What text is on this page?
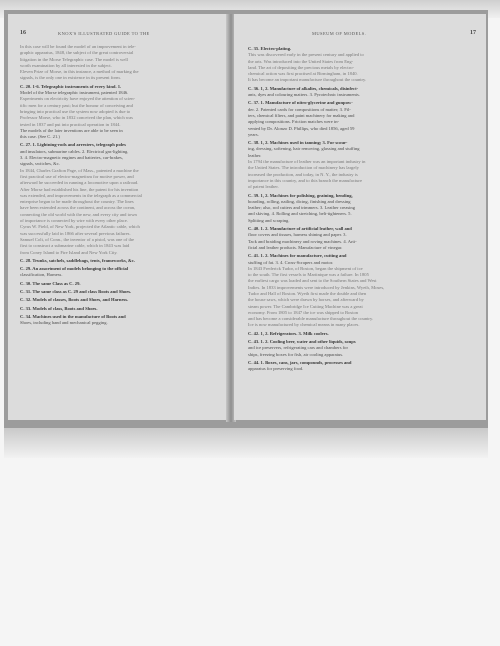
16	KNOX'S ILLUSTRATED GUIDE TO THE
In this case will be found the model of an improvement in tele-
graphic apparatus, 1848, the subject of the great controversial
litigation in the Morse Telegraphic case. The model is well
worth examination by all interested in the subject.
Eleven Prize of Morse, in this instance, a method of marking the
signals, is the only one in existence in its present form.
C. 20. 1-6. Telegraphic instruments of every kind. 1.
Model of the Morse telegraphic instrument, patented 1846.
Experiments on electricity have enjoyed the attention of scien-
tific men for a century past; but the honour of conceiving and
bringing into practical use the system now adopted is due to
Professor Morse, who in 1832 conceived the plan, which was
tested in 1837 and put into practical operation in 1844.
The models of the later inventions are able to be seen in
this case. (See C. 21.)
C. 27. 1. Lightning-rods and arresters, telegraph poles
and insulators, submarine cables. 2. Electrical gas-lighting.
3. 4. Electro-magnetic engines and batteries, car-brakes,
signals, switches, &c.
In 1844, Charles Grafton Page, of Mass., patented a machine the
first practical use of electro-magnetism for motive power, and
afterward he succeeded in running a locomotive upon a railroad.
After Morse had established his line, the patent for his invention
was extended, and improvements in the telegraph as a commercial
enterprise began to be made throughout the country. The lines
have been extended across the continent, and across the ocean,
connecting the old world with the new, and every city and town
of importance is connected by wire with every other place.
Cyrus W. Field, of New York, projected the Atlantic cable, which
was successfully laid in 1866 after several previous failures.
Samuel Colt, of Conn., the inventor of a pistol, was one of the
first to construct a submarine cable, which in 1843 was laid
from Coney Island to Fire Island and New York City.
C. 28. Trunks, satchels, saddlebags, tents, frameworks, &c.
C. 29. An assortment of models belonging to the official
classification, Harness.
C. 30. The same Class as C. 29.
C. 31. The same class as C. 29 and class Boots and Shoes.
C. 32. Models of classes, Boots and Shoes, and Harness.
C. 33. Models of class, Boots and Shoes.
C. 34. Machines used in the manufacture of Boots and
Shoes, including hand and mechanical pegging.
17
MUSEUM OF MODELS.
C. 35. Electro-plating.
This was discovered early in the present century and applied to
the arts. Was introduced into the United States from Eng-
land. The art of depositing the precious metals by electro-
chemical action was first practised at Birmingham, in 1840.
It has become an important manufacture throughout the country.
C. 36. 1, 2. Manufacture of alkalies, chemicals, disinfect-
ants, dyes and colouring matters. 3. Pyrotechnic instruments.
C. 37. 1. Manufacture of nitro-glycerine and gunpow-
der. 2. Patented cards for compositions of matter; 3. Fil-
ters, chemical filters, and paint machinery for making and
applying compositions. Friction matches were in-
vented by Dr. Alonzo D. Phillips, who died 1856, aged 59
years.
C. 38. 1, 2. Machines used in tanning; 3. For scour-
ing, dressing, softening, hair removing, glassing and stuffing
leather.
In 1794 the manufacture of leather was an important industry in
the United States. The introduction of machinery has largely
increased the production, and today, in N. Y., the industry is
importance in this country, and to this branch the manufacture
of patent leather.
C. 39. 1, 2. Machines for polishing, graining, bending,
boarding, rolling, nailing, dicing, finishing and dressing
leather; also, rod cutters and trimmers. 3. Leather creasing
and skiving. 4. Rolling and stretching, belt-tighteners. 5.
Splitting and scraping.
C. 40. 1. 2. Manufacture of artificial leather, wall and
floor covers and tissues, harness shining and paper. 3.
Tack and braiding machinery and roving machines. 4. Arti-
ficial and leather products. Manufacture of vinegar.
C. 41. 1. 2. Machines for manufacture, cutting and
stuffing of fat. 3. 4. Cross-Scrapers and motor.
In 1843 Frederick Tudor, of Boston, began the shipment of ice
to the south. The first vessels to Martinique was a failure. In 1805
the earliest cargo was loaded and sent to the Southern States and West
Indies. In 1833 improvements were introduced by Jenkins, Wyeth, Moses,
Tudor and Hall of Boston. Wyeth first made the double and then
the house saws, which were drawn by horses, and afterward by
steam power. The Cambridge Ice Cutting Machine was a great
economy. From 1805 to 1847 the ice was shipped to Boston
and has become a considerable manufacture throughout the country.
Ice is now manufactured by chemical means in many places.
C. 42. 1, 2. Refrigerators. 3. Milk coolers.
C. 43. 1. 2. Cooling beer, water and other liquids, soups
and ice preservers, refrigerating cars and chambers for
ships, freezing boxes for fish, air cooling apparatus.
C. 44. 1. Boxes, cans, jars, compounds, processes and
apparatus for preserving food.
